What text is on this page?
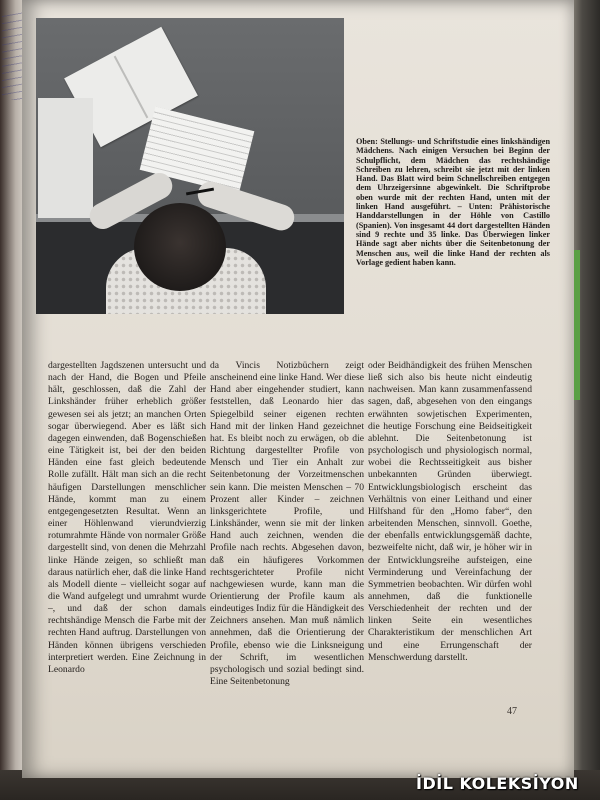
Oben: Stellungs- und Schriftstudie eines linkshändigen Mädchens. Nach einigen Versuchen bei Beginn der Schulpflicht, dem Mädchen das rechtshändige Schreiben zu lehren, schreibt sie jetzt mit der linken Hand. Das Blatt wird beim Schnellschreiben entgegen dem Uhrzeigersinne abgewinkelt. Die Schriftprobe oben wurde mit der rechten Hand, unten mit der linken Hand ausgeführt. – Unten: Prähistorische Handdarstellungen in der Höhle von Castillo (Spanien). Von insgesamt 44 dort dargestellten Händen sind 9 rechte und 35 linke. Das Überwiegen linker Hände sagt aber nichts über die Seitenbetonung der Menschen aus, weil die linke Hand der rechten als Vorlage gedient haben kann.

dargestellten Jagdszenen untersucht und nach der Hand, die Bogen und Pfeile hält, geschlossen, daß die Zahl der Linkshänder früher erheblich größer gewesen sei als jetzt; an manchen Orten sogar überwiegend. Aber es läßt sich dagegen einwenden, daß Bogenschießen eine Tätigkeit ist, bei der den beiden Händen eine fast gleich bedeutende Rolle zufällt. Hält man sich an die recht häufigen Darstellungen menschlicher Hände, kommt man zu einem entgegengesetzten Resultat. Wenn an einer Höhlenwand vierundvierzig rotumrahmte Hände von normaler Größe dargestellt sind, von denen die Mehrzahl linke Hände zeigen, so schließt man daraus natürlich eher, daß die linke Hand als Modell diente – vielleicht sogar auf die Wand aufgelegt und umrahmt wurde –, und daß der schon damals rechtshändige Mensch die Farbe mit der rechten Hand auftrug. Darstellungen von Händen können übrigens verschieden interpretiert werden. Eine Zeichnung in Leonardo

da Vincis Notizbüchern zeigt anscheinend eine linke Hand. Wer diese Hand aber eingehender studiert, kann feststellen, daß Leonardo hier das Spiegelbild seiner eigenen rechten Hand mit der linken Hand gezeichnet hat. Es bleibt noch zu erwägen, ob die Richtung dargestellter Profile von Mensch und Tier ein Anhalt zur Seitenbetonung der Vorzeitmenschen sein kann. Die meisten Menschen – 70 Prozent aller Kinder – zeichnen linksgerichtete Profile, und Linkshänder, wenn sie mit der linken Hand auch zeichnen, wenden die Profile nach rechts. Abgesehen davon, daß ein häufigeres Vorkommen rechtsgerichteter Profile nicht nachgewiesen wurde, kann man die Orientierung der Profile kaum als eindeutiges Indiz für die Händigkeit des Zeichners ansehen. Man muß nämlich annehmen, daß die Orientierung der Profile, ebenso wie die Linksneigung der Schrift, im wesentlichen psychologisch und sozial bedingt sind. Eine Seitenbetonung

oder Beidhändigkeit des frühen Menschen ließ sich also bis heute nicht eindeutig nachweisen. Man kann zusammenfassend sagen, daß, abgesehen von den eingangs erwähnten sowjetischen Experimenten, die heutige Forschung eine Beidseitigkeit ablehnt. Die Seitenbetonung ist psychologisch und physiologisch normal, wobei die Rechtsseitigkeit aus bisher unbekannten Gründen überwiegt. Entwicklungsbiologisch erscheint das Verhältnis von einer Leithand und einer Hilfshand für den „Homo faber“, den arbeitenden Menschen, sinnvoll. Goethe, der ebenfalls entwicklungsgemäß dachte, bezweifelte nicht, daß wir, je höher wir in der Entwicklungsreihe aufsteigen, eine Verminderung und Vereinfachung der Symmetrien beobachten. Wir dürfen wohl annehmen, daß die funktionelle Verschiedenheit der rechten und der linken Seite ein wesentliches Charakteristikum der menschlichen Art und eine Errungenschaft der Menschwerdung darstellt.

47
İDİL KOLEKSİYON
